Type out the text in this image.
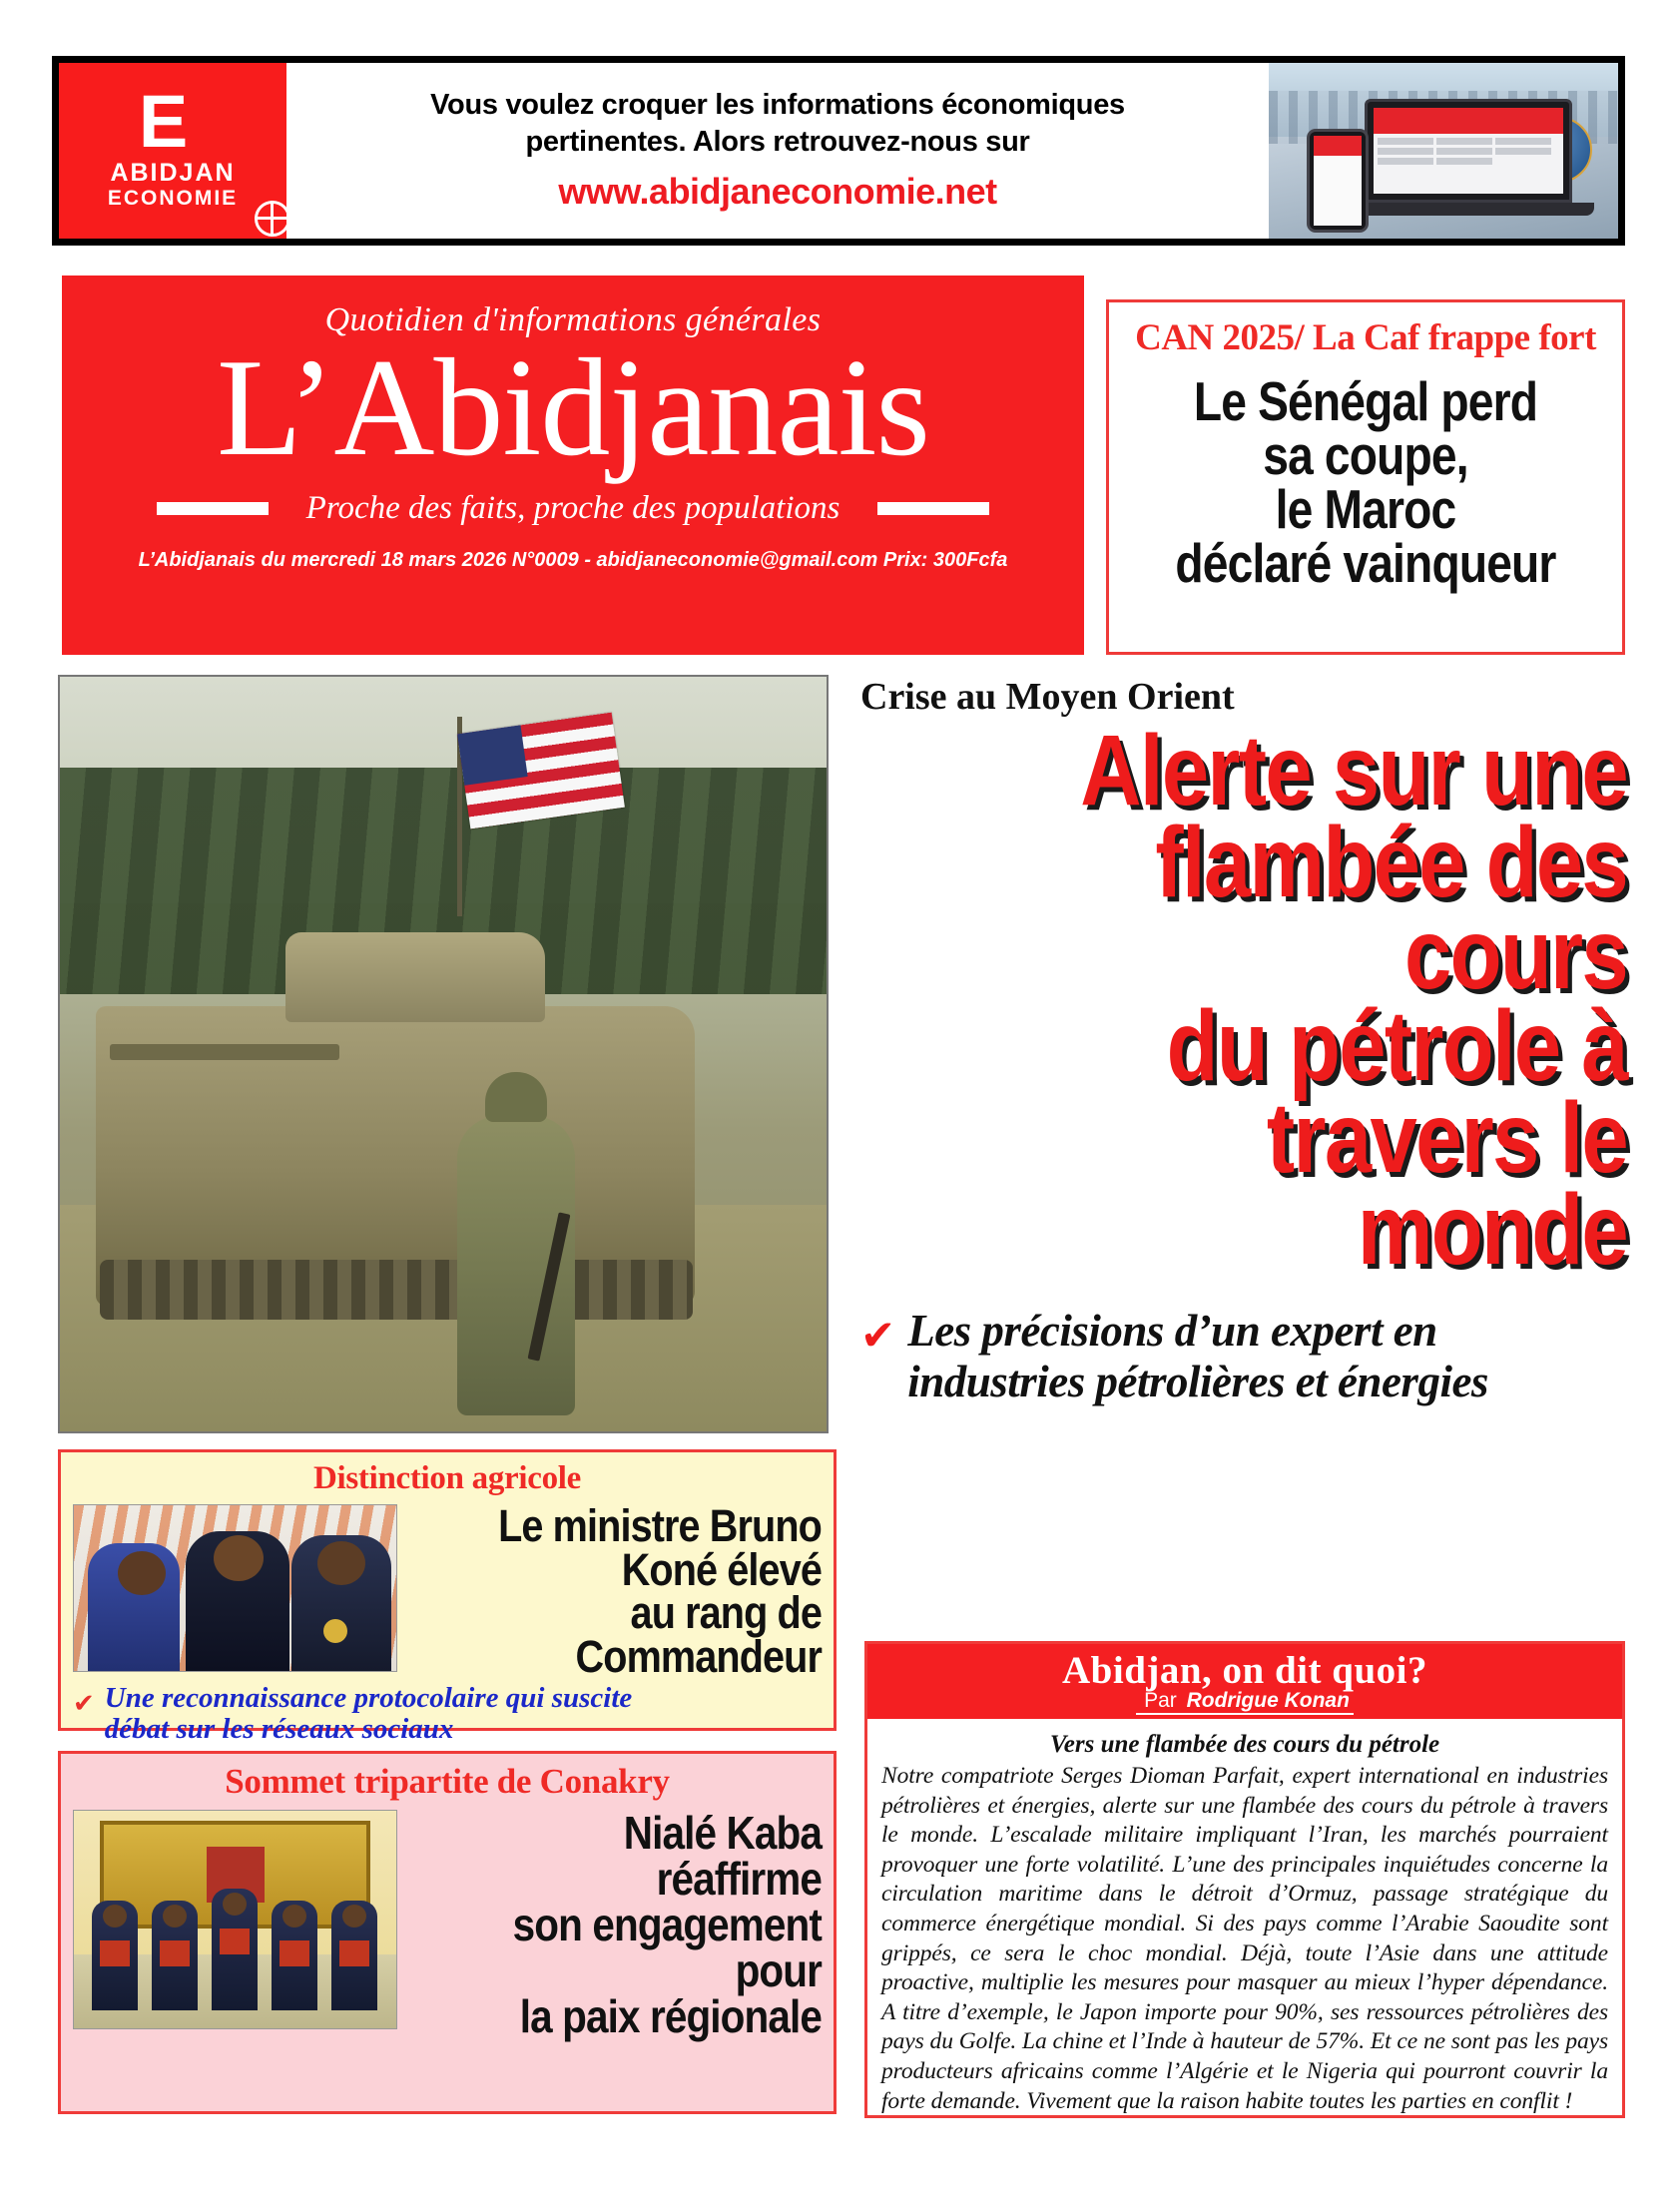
E
ABIDJAN
ECONOMIE
Vous voulez croquer les informations économiques
pertinentes. Alors retrouvez-nous sur
www.abidjaneconomie.net
Quotidien d'informations générales
L’Abidjanais
Proche des faits, proche des populations
L’Abidjanais du mercredi 18 mars 2026 N°0009 - abidjaneconomie@gmail.com Prix: 300Fcfa
CAN 2025/ La Caf frappe fort
Le Sénégal perd
sa coupe,
le Maroc
déclaré vainqueur
Crise au Moyen Orient
Alerte sur une
flambée des cours
du pétrole à
travers le monde
✔ Les précisions d’un expert en
industries pétrolières et énergies
Distinction agricole
Le ministre Bruno
Koné élevé
au rang de
Commandeur
✔ Une reconnaissance protocolaire qui suscite
débat sur les réseaux sociaux
Sommet tripartite de Conakry
Nialé Kaba réaffirme
son engagement pour
la paix régionale
Abidjan, on dit quoi?
Par Rodrigue Konan
Vers une flambée des cours du pétrole
Notre compatriote Serges Dioman Parfait, expert international en industries pétrolières et énergies, alerte sur une flambée des cours du pétrole à travers le monde. L’escalade militaire impliquant l’Iran, les marchés pourraient provoquer une forte volatilité. L’une des principales inquiétudes concerne la circulation maritime dans le détroit d’Ormuz, passage stratégique du commerce énergétique mondial. Si des pays comme l’Arabie Saoudite sont grippés, ce sera le choc mondial. Déjà, toute l’Asie dans une attitude proactive, multiplie les mesures pour masquer au mieux l’hyper dépendance. A titre d’exemple, le Japon importe pour 90%, ses ressources pétrolières des pays du Golfe. La chine et l’Inde à hauteur de 57%. Et ce ne sont pas les pays producteurs africains comme l’Algérie et le Nigeria qui pourront couvrir la forte demande. Vivement que la raison habite toutes les parties en conflit !
